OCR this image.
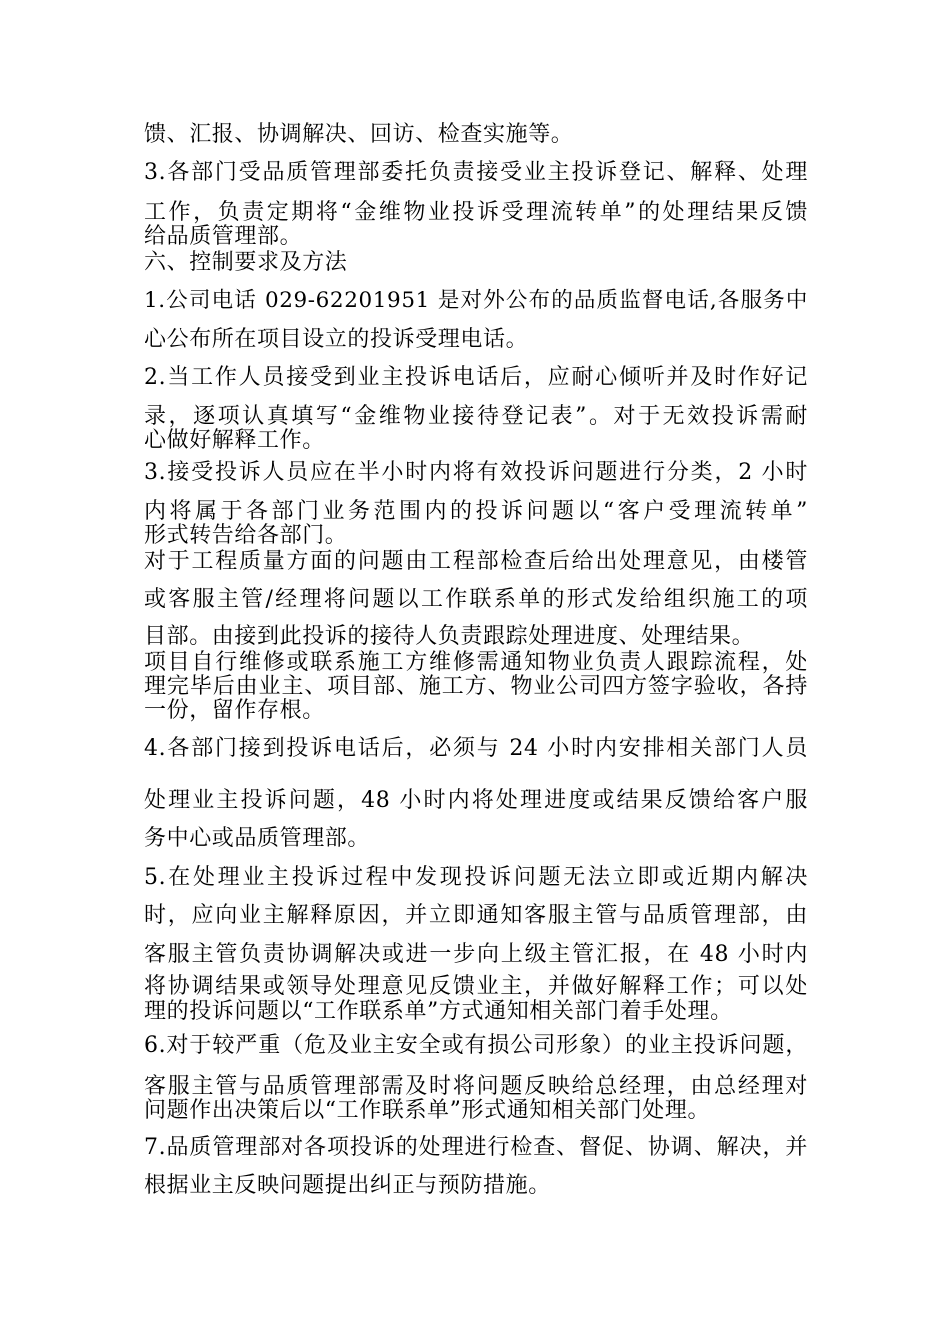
馈、汇报、协调解决、回访、检查实施等。
3.各部门受品质管理部委托负责接受业主投诉登记、解释、处理
工作，负责定期将“金维物业投诉受理流转单”的处理结果反馈
给品质管理部。
六、控制要求及方法
1.公司电话 029-62201951 是对外公布的品质监督电话,各服务中
心公布所在项目设立的投诉受理电话。
2.当工作人员接受到业主投诉电话后，应耐心倾听并及时作好记
录，逐项认真填写“金维物业接待登记表”。对于无效投诉需耐
心做好解释工作。
3.接受投诉人员应在半小时内将有效投诉问题进行分类，2 小时
内将属于各部门业务范围内的投诉问题以“客户受理流转单”
形式转告给各部门。
对于工程质量方面的问题由工程部检查后给出处理意见，由楼管
或客服主管/经理将问题以工作联系单的形式发给组织施工的项
目部。由接到此投诉的接待人负责跟踪处理进度、处理结果。
项目自行维修或联系施工方维修需通知物业负责人跟踪流程，处
理完毕后由业主、项目部、施工方、物业公司四方签字验收，各持
一份，留作存根。
4.各部门接到投诉电话后，必须与 24 小时内安排相关部门人员
处理业主投诉问题，48 小时内将处理进度或结果反馈给客户服
务中心或品质管理部。
5.在处理业主投诉过程中发现投诉问题无法立即或近期内解决
时，应向业主解释原因，并立即通知客服主管与品质管理部，由
客服主管负责协调解决或进一步向上级主管汇报，在 48 小时内
将协调结果或领导处理意见反馈业主，并做好解释工作；可以处
理的投诉问题以“工作联系单”方式通知相关部门着手处理。
6.对于较严重（危及业主安全或有损公司形象）的业主投诉问题，
客服主管与品质管理部需及时将问题反映给总经理，由总经理对
问题作出决策后以“工作联系单”形式通知相关部门处理。
7.品质管理部对各项投诉的处理进行检查、督促、协调、解决，并
根据业主反映问题提出纠正与预防措施。
